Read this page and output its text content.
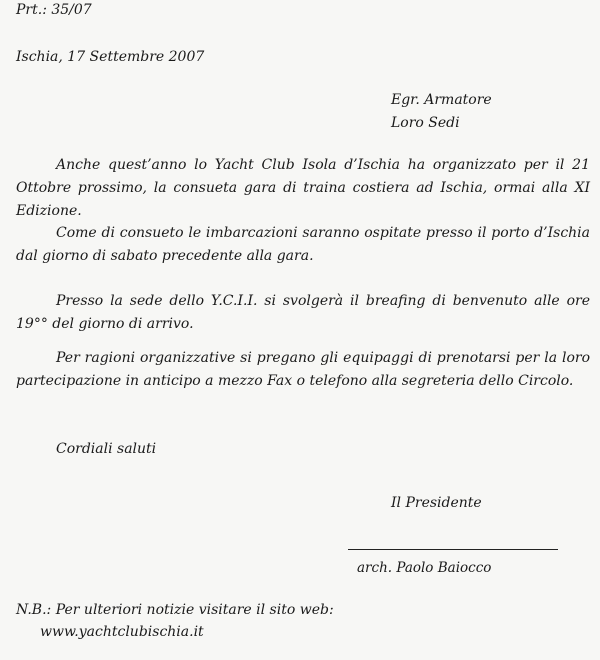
Prt.: 35/07
Ischia, 17 Settembre 2007
Egr. Armatore
Loro Sedi
Anche quest’anno lo Yacht Club Isola d’Ischia ha organizzato per il 21 Ottobre prossimo, la consueta gara di traina costiera ad Ischia, ormai alla XI Edizione.
Come di consueto le imbarcazioni saranno ospitate presso il porto d’Ischia dal giorno di sabato precedente alla gara.
Presso la sede dello Y.C.I.I. si svolgerà il breafing di benvenuto alle ore 19°° del giorno di arrivo.
Per ragioni organizzative si pregano gli equipaggi di prenotarsi per la loro partecipazione in anticipo a mezzo Fax o telefono alla segreteria dello Circolo.
Cordiali saluti
Il Presidente
arch. Paolo Baiocco
N.B.: Per ulteriori notizie visitare il sito web:
www.yachtclubischia.it
